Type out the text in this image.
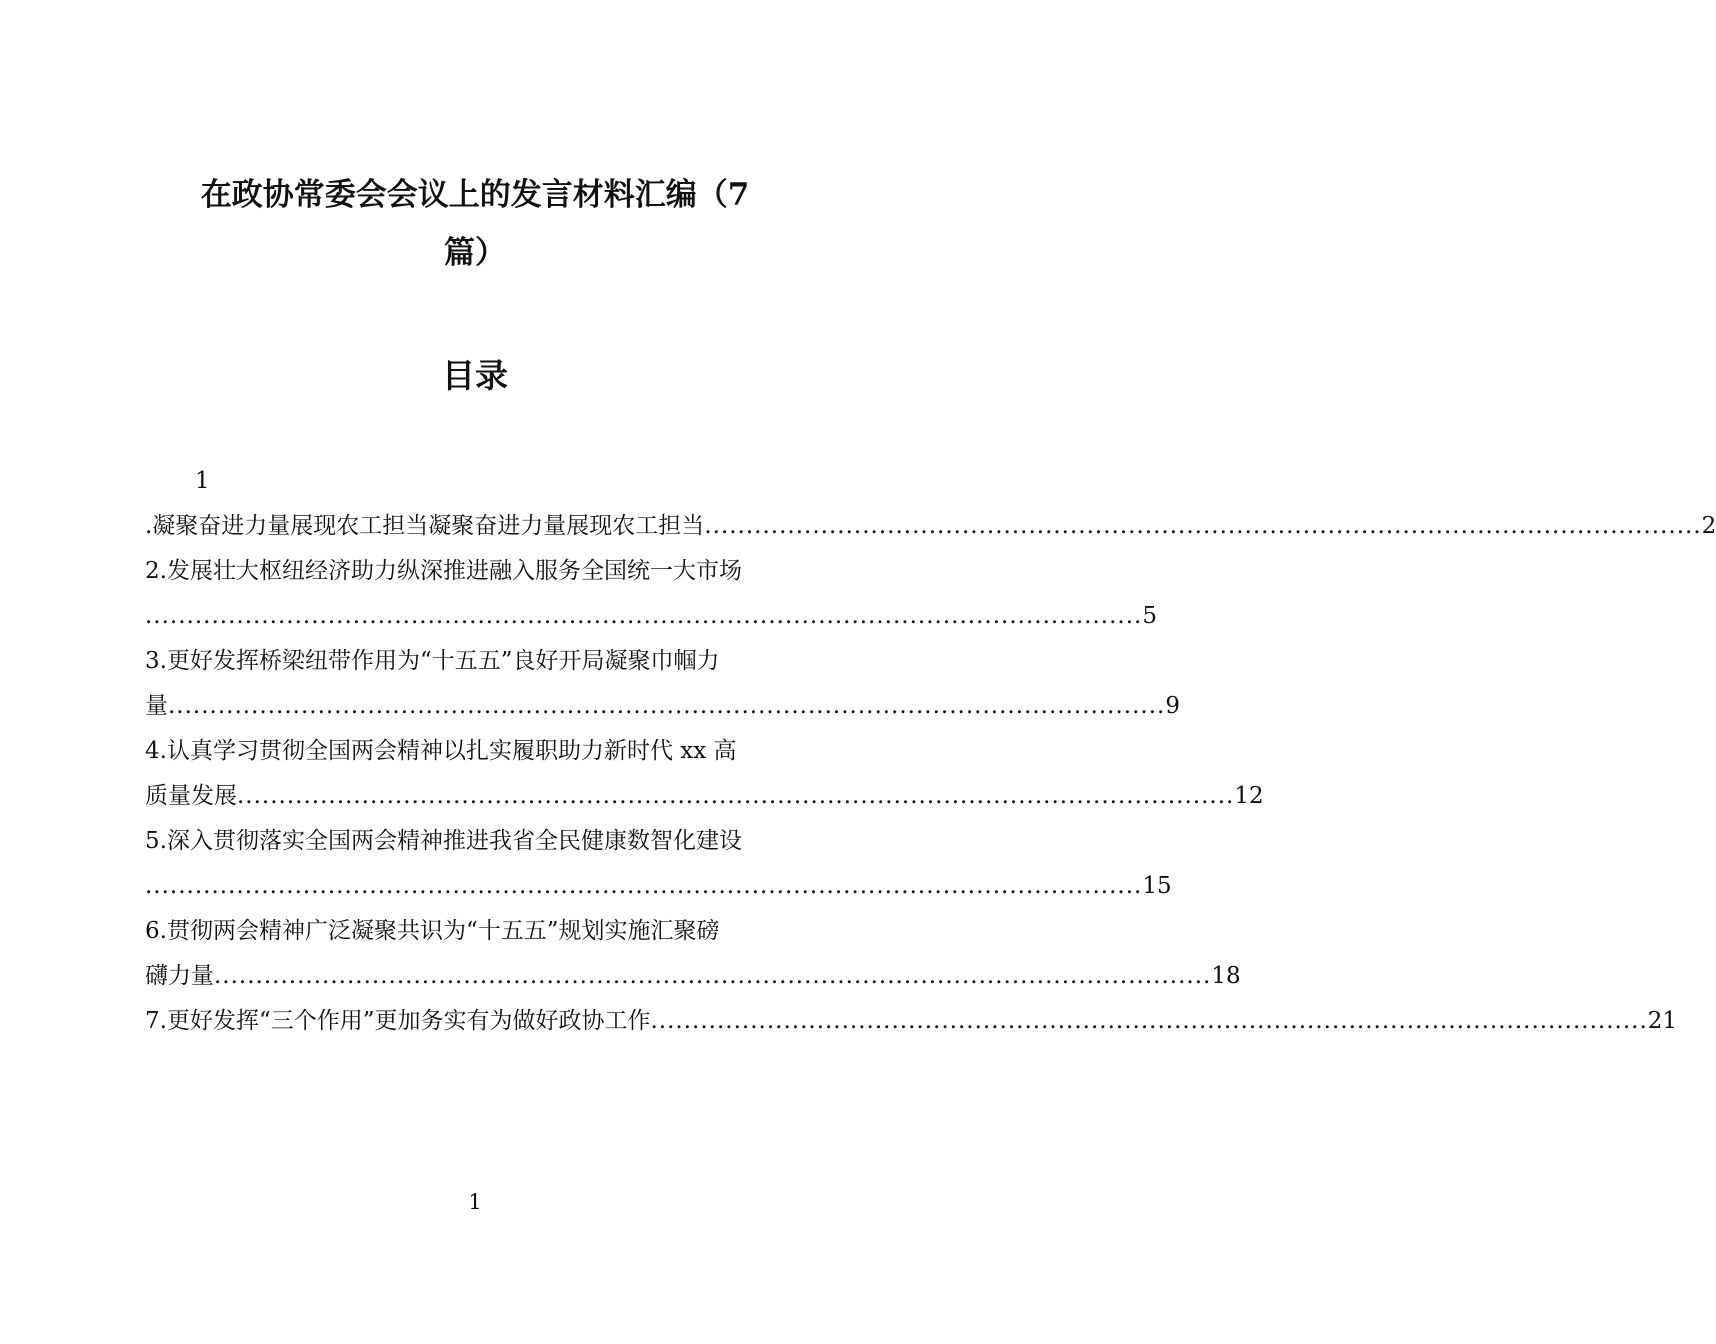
在政协常委会会议上的发言材料汇编（7
篇）
目录
1
.凝聚奋进力量展现农工担当凝聚奋进力量展现农工担当 ........................................................................................................................ 2
2.发展壮大枢纽经济助力纵深推进融入服务全国统一大市场
........................................................................................................................ 5
3.更好发挥桥梁纽带作用为“十五五”良好开局凝聚巾帼力
量 ........................................................................................................................ 9
4.认真学习贯彻全国两会精神以扎实履职助力新时代 xx 高
质量发展 ........................................................................................................................ 12
5.深入贯彻落实全国两会精神推进我省全民健康数智化建设
........................................................................................................................ 15
6.贯彻两会精神广泛凝聚共识为“十五五”规划实施汇聚磅
礴力量 ........................................................................................................................ 18
7.更好发挥“三个作用”更加务实有为做好政协工作 ........................................................................................................................ 21
1
